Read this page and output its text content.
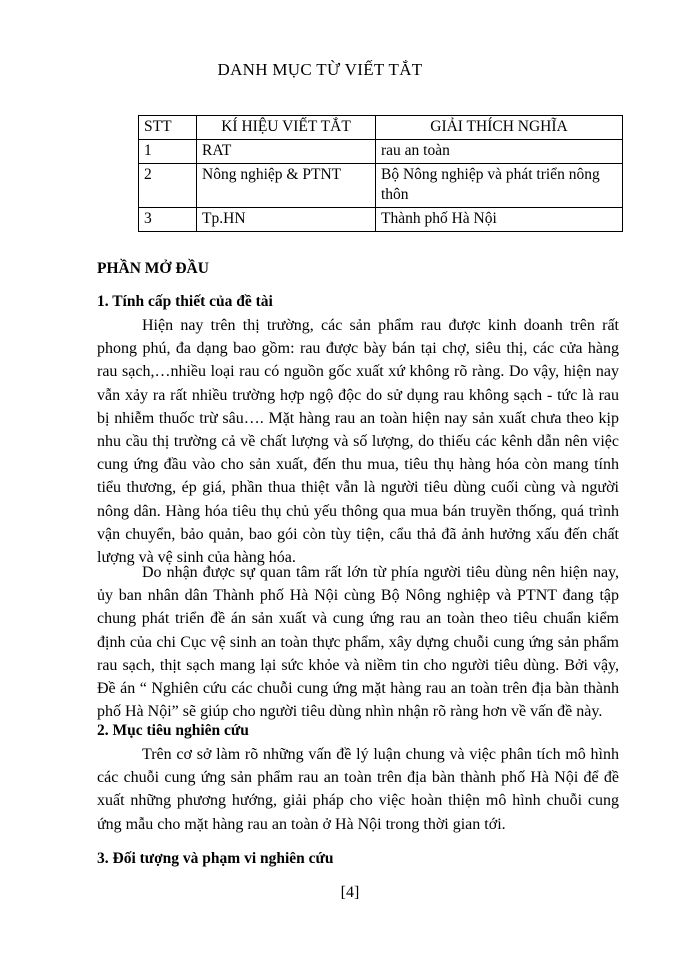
DANH MỤC TỪ VIẾT TẮT
STT	KÍ HIỆU VIẾT TẮT	GIẢI THÍCH NGHĨA
1	RAT	rau an toàn
2	Nông nghiệp & PTNT	Bộ Nông nghiệp và phát triển nông thôn
3	Tp.HN	Thành phố Hà Nội
PHẦN MỞ ĐẦU
1. Tính cấp thiết của đề tài

Hiện nay trên thị trường, các sản phẩm rau được kinh doanh trên rất phong phú, đa dạng bao gồm: rau được bày bán tại chợ, siêu thị, các cửa hàng rau sạch,…nhiều loại rau có nguồn gốc xuất xứ không rõ ràng. Do vậy, hiện nay vẫn xảy ra rất nhiều trường hợp ngộ độc do sử dụng rau không sạch - tức là rau bị nhiễm thuốc trừ sâu…. Mặt hàng rau an toàn hiện nay sản xuất chưa theo kịp nhu cầu thị trường cả về chất lượng và số lượng, do thiếu các kênh dẫn nên việc cung ứng đầu vào cho sản xuất, đến thu mua, tiêu thụ hàng hóa còn mang tính tiểu thương, ép giá, phần thua thiệt vẫn là người tiêu dùng cuối cùng và người nông dân. Hàng hóa tiêu thụ chủ yếu thông qua mua bán truyền thống, quá trình vận chuyển, bảo quản, bao gói còn tùy tiện, cẩu thả đã ảnh hưởng xấu đến chất lượng và vệ sinh của hàng hóa.

Do nhận được sự quan tâm rất lớn từ phía người tiêu dùng nên hiện nay, ủy ban nhân dân Thành phố Hà Nội cùng Bộ Nông nghiệp và PTNT đang tập chung phát triển đề án sản xuất và cung ứng rau an toàn theo tiêu chuẩn kiểm định của chi Cục vệ sinh an toàn thực phẩm, xây dựng chuỗi cung ứng sản phẩm rau sạch, thịt sạch mang lại sức khỏe và niềm tin cho người tiêu dùng. Bởi vậy, Đề án “ Nghiên cứu các chuỗi cung ứng mặt hàng rau an toàn trên địa bàn thành phố Hà Nội” sẽ giúp cho người tiêu dùng nhìn nhận rõ ràng hơn về vấn đề này.

2. Mục tiêu nghiên cứu

Trên cơ sở làm rõ những vấn đề lý luận chung và việc phân tích mô hình các chuỗi cung ứng sản phẩm rau an toàn trên địa bàn thành phố Hà Nội để đề xuất những phương hướng, giải pháp cho việc hoàn thiện mô hình chuỗi cung ứng mẫu cho mặt hàng rau an toàn ở Hà Nội trong thời gian tới.

3. Đối tượng và phạm vi nghiên cứu
[4]
